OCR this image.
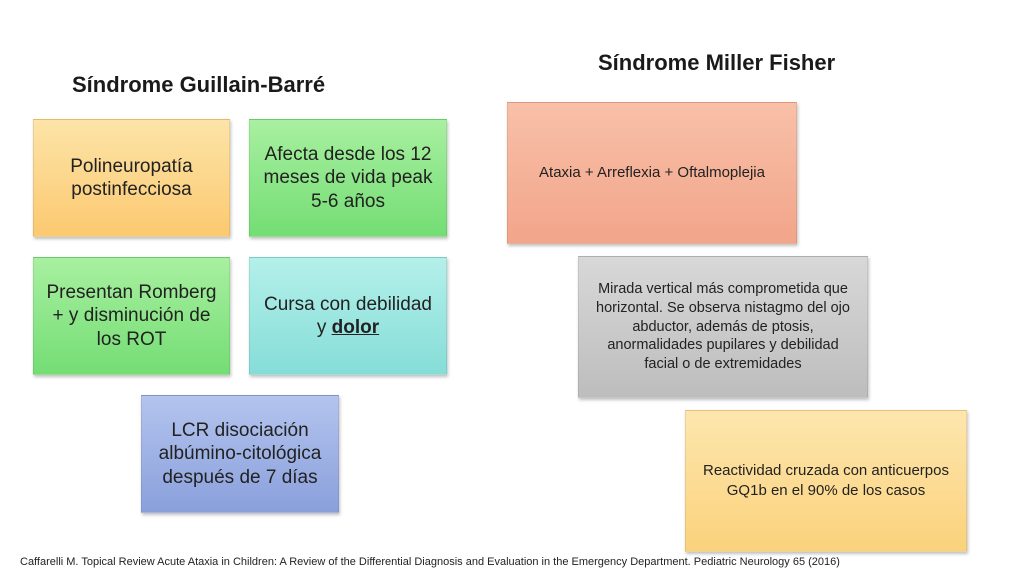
Síndrome Guillain-Barré
Síndrome Miller Fisher
Polineuropatía postinfecciosa
Afecta desde los 12 meses de vida peak 5-6 años
Presentan Romberg + y disminución de los ROT
Cursa con debilidad y dolor
LCR disociación albúmino-citológica después de 7 días
Ataxia + Arreflexia + Oftalmoplejia
Mirada vertical más comprometida que horizontal. Se observa nistagmo del ojo abductor, además de ptosis, anormalidades pupilares y debilidad facial o de extremidades
Reactividad cruzada con anticuerpos GQ1b en el 90% de los casos
Caffarelli M. Topical Review Acute Ataxia in Children: A Review of the Differential Diagnosis and Evaluation in the Emergency Department. Pediatric Neurology 65 (2016)
